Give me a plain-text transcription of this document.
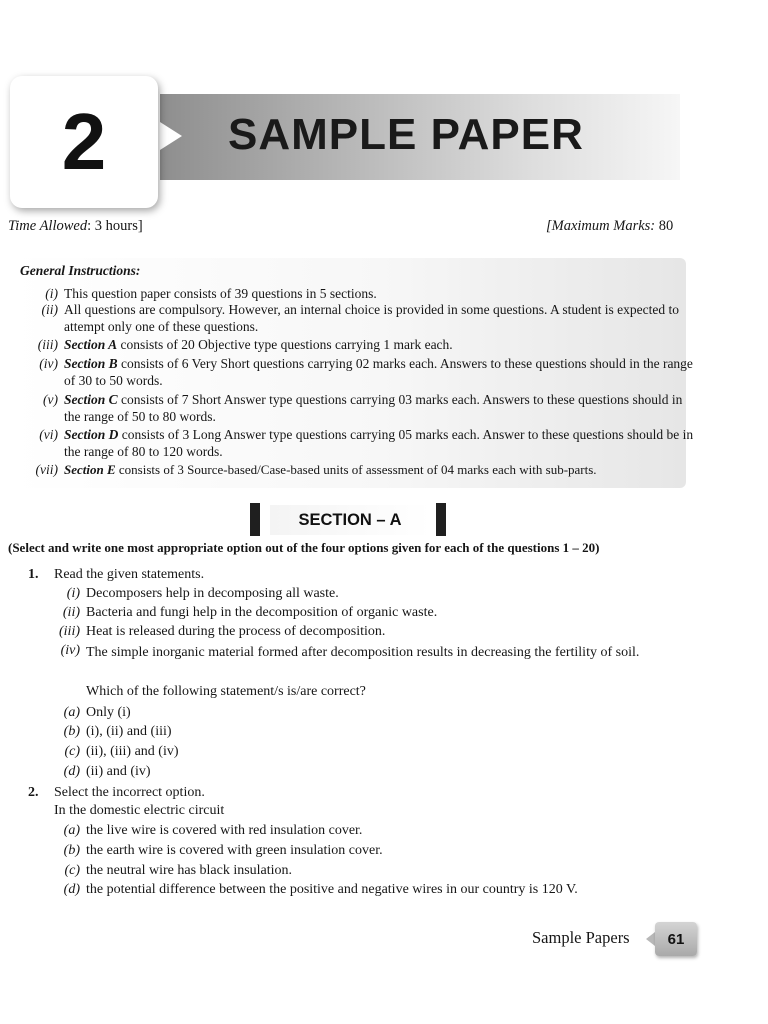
2	SAMPLE PAPER
Time Allowed: 3 hours]	[Maximum Marks: 80
General Instructions:
(i) This question paper consists of 39 questions in 5 sections.
(ii) All questions are compulsory. However, an internal choice is provided in some questions. A student is expected to attempt only one of these questions.
(iii) Section A consists of 20 Objective type questions carrying 1 mark each.
(iv) Section B consists of 6 Very Short questions carrying 02 marks each. Answers to these questions should in the range of 30 to 50 words.
(v) Section C consists of 7 Short Answer type questions carrying 03 marks each. Answers to these questions should in the range of 50 to 80 words.
(vi) Section D consists of 3 Long Answer type questions carrying 05 marks each. Answer to these questions should be in the range of 80 to 120 words.
(vii) Section E consists of 3 Source-based/Case-based units of assessment of 04 marks each with sub-parts.
SECTION – A
(Select and write one most appropriate option out of the four options given for each of the questions 1 – 20)
1. Read the given statements.
(i) Decomposers help in decomposing all waste.
(ii) Bacteria and fungi help in the decomposition of organic waste.
(iii) Heat is released during the process of decomposition.
(iv) The simple inorganic material formed after decomposition results in decreasing the fertility of soil.
Which of the following statement/s is/are correct?
(a) Only (i)
(b) (i), (ii) and (iii)
(c) (ii), (iii) and (iv)
(d) (ii) and (iv)
2. Select the incorrect option.
In the domestic electric circuit
(a) the live wire is covered with red insulation cover.
(b) the earth wire is covered with green insulation cover.
(c) the neutral wire has black insulation.
(d) the potential difference between the positive and negative wires in our country is 120 V.
Sample Papers	61
